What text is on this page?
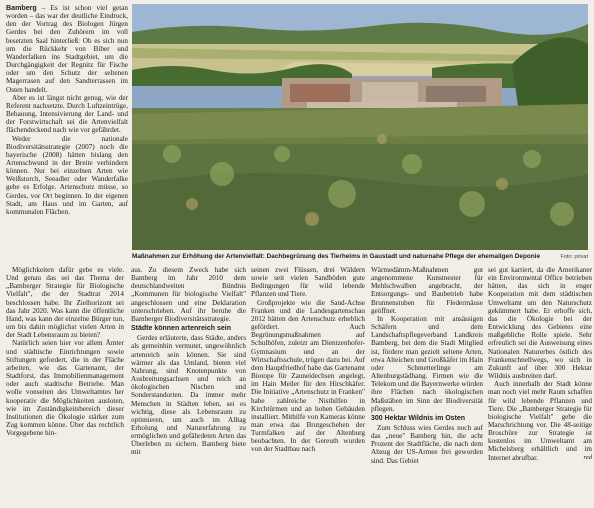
Bamberg – Es ist schon viel getan worden – das war der deutliche Eindruck, den der Vortrag des Biologen Jürgen Gerdes bei den Zuhörern im voll besetzten Saal hinterließ: Ob es sich nun um die Rückkehr von Biber und Wanderfalken ins Stadtgebiet, um die Durchgängigkeit der Regnitz für Fische oder um den Schutz der seltenen Magerrasen auf den Sandterrassen im Osten handelt.

Aber es ist längst nicht genug, wie der Referent nachsetzte. Durch Luftzeintrüge, Bebauung, Intensivierung der Land- und der Forstwirtschaft sei die Artenvielfalt flächendeckend nach wie vor gefährdet.

Weder die nationale Biodiversitätsstrategie (2007) noch die bayerische (2008) hätten bislang den Artenschwund in der Breite verhindern können. Nur bei einzelnen Arten wie Weißstorch, Seeadler oder Wanderfalke gebe es Erfolge. Artenschutz müsse, so Gerdes, vor Ort beginnen. In der eigenen Stadt, am Haus und im Garten, auf kommunalen Flächen.

Maßnahmen zur Erhöhung der Artenvielfalt: Dachbegrünung des Tierheims in Gaustadt und naturnahe Pflege der ehemaligen Deponie	Foto: privat

Möglichkeiten dafür gebe es viele. Und genau das sei das Thema der „Bamberger Strategie für Biologische Vielfalt", die der Stadtrat 2014 beschlossen habe. Ihr Zielhorizont sei das Jahr 2020. Was kann die öffentliche Hand, was kann der einzelne Bürger tun, um bis dahin möglichst vielen Arten in der Stadt Lebensraum zu bieten?

Natürlich seien hier vor allem Ämter und städtische Einrichtungen sowie Stiftungen gefordert, die in der Fläche arbeiten, wie das Gartenamt, der Stadtforst, das Immobilienmanagement oder auch stadtische Betriebe. Man wolle vonseiten des Umweltamtes her kooperativ die Möglichkeiten ausloten, wie im Zuständigkeitsbereich dieser Institutionen die Ökologie stärker zum Zug kommen könne. Über das rechtlich Vorgegebene hin-

aus. Zu diesem Zweck habe sich Bamberg im Jahr 2010 dem deutschlandweiten Bündnis „Kommunen für biologische Vielfalt" angeschlossen und eine Deklaration unterschrieben. Auf ihr beruhe die Bamberger Biodiversitätsstrategie.

Städte können artenreich sein

Gerdes erläuterte, dass Städte, anders als gemeinhin vermutet, ungewöhnlich artenreich sein können. Sie sind wärmer als das Umland, bieten viel Nahrung, sind Knotenpunkte von Ausbreitungsachsen und reich an ökologischen Nischen und Sonderstandorten. Da immer mehr Menschen in Städten leben, sei es wichtig, diese als Lebensraum zu optimieren, um auch im Alltag Erholung und Naturerfahrung zu ermöglichen und gefährdeten Arten das Überleben zu sichern. Bamberg biete mit

seinen zwei Flüssen, drei Wäldern sowie seit vielen Sandböden gute Bedingungen für wild lebende Pflanzen und Tiere.

Großprojekte wie die Sand-Achse Franken und die Landesgartenschau 2012 hätten den Artenschutz erheblich gefördert. Auch Begrünungsmaßnahmen auf Schulhöfen, zuletzt am Dientzenhofer-Gymnasium und an der Wirtschaftsschule, trügen dazu bei. Auf dem Hauptfriedhof habe das Gartenamt Biotope für Zauneidechsen angelegt, im Hain Meiler für den Hirschkäfer. Die Initiative „Artenschutz in Franken" habe zahlreiche Nisthilfen in Kirchtürmen und an hohen Gebäuden installiert. Mithilfe von Kameras könne man etwa das Brutgeschehen der Turmfalken auf der Altenburg beobachten. In der Gereuth wurden von der Stadtbau nach

Wärmedämm-Maßnahmen gut angenommene Kunstnester für Mehlschwalben angebracht, der Entsorgungs- und Baubetrieb habe Brunnenstuben für Fledermäuse geöffnet.

In Kooperation mit ansässigen Schäfern und dem Landschaftspflegeverband Landkreis Bamberg, bei dem die Stadt Mitglied ist, fördere man gezielt seltene Arten, etwa Alteichen und Großkäfer im Hain oder Schmetterlinge am Altenburgstädhang. Firmen wie die Telekom und die Bayernwerke würden ihre Flächen nach ökologischen Maßstäben im Sinn der Biodiversität pflegen.

300 Hektar Wildnis im Osten

Zum Schluss wies Gerdes noch auf das „neue" Bamberg hin, die acht Prozent der Stadtfläche, die nach dem Abzug der US-Armee frei geworden sind. Das Gebiet

sei gut kartiert, da die Amerikaner ein Environmental Office betrieben hätten, das sich in enger Kooperation mit dem städtischen Umweltamt um den Naturschutz gekümmert habe. Er erhoffe sich, das die Ökologie bei der Entwicklung des Gebietes eine maßgebliche Rolle spiele. Sehr erfreulich sei die Ausweisung eines Nationalen Naturerbes östlich des Frankenschnellwegs, wo sich in Zukunft auf über 300 Hektar Wildnis ausbreiten darf.

Auch innerhalb der Stadt könne man noch viel mehr Raum schaffen für wild lebende Pflanzen und Tiere. Die „Bamberger Strategie für biologische Vielfalt" gebe die Marschrichtung vor. Die 48-seitige Broschüre zur Strategie ist kostenlos im Umweltamt am Michelsberg erhältlich und im Internet abrufbar.	red
